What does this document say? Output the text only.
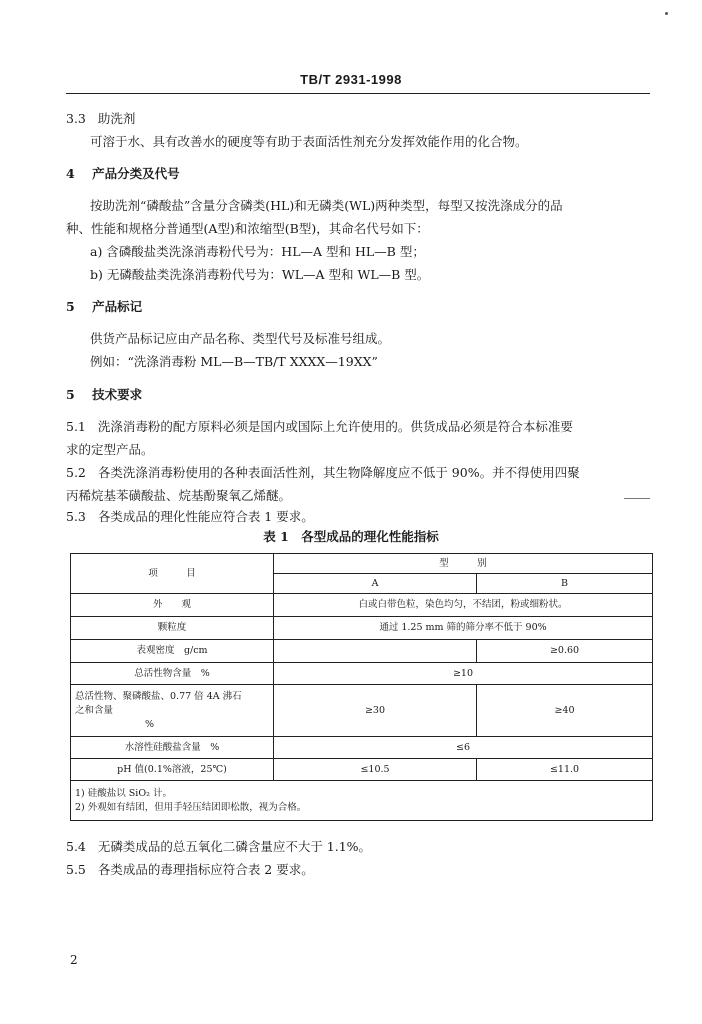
TB/T 2931-1998
3.3 助洗剂
可溶于水、具有改善水的硬度等有助于表面活性剂充分发挥效能作用的化合物。
4 产品分类及代号
按助洗剂“磷酸盐”含量分含磷类(HL)和无磷类(WL)两种类型，每型又按洗涤成分的品
种、性能和规格分普通型(A型)和浓缩型(B型)，其命名代号如下：
a) 含磷酸盐类洗涤消毒粉代号为：HL—A 型和 HL—B 型；
b) 无磷酸盐类洗涤消毒粉代号为：WL—A 型和 WL—B 型。
5 产品标记
供货产品标记应由产品名称、类型代号及标准号组成。
例如：“洗涤消毒粉 ML—B—TB/T XXXX—19XX”
5 技术要求
5.1 洗涤消毒粉的配方原料必须是国内或国际上允许使用的。供货成品必须是符合本标准要
求的定型产品。
5.2 各类洗涤消毒粉使用的各种表面活性剂，其生物降解度应不低于 90%。并不得使用四聚
丙稀烷基苯磺酸盐、烷基酚聚氧乙烯醚。
5.3 各类成品的理化性能应符合表 1 要求。
表 1　各型成品的理化性能指标
项　　　目	型　　　别	
	A	B
外　　观	白或白带色粒，染色均匀，不结团，粉或细粉状。	
颗粒度	通过 1.25 mm 筛的筛分率不低于 90%	
表观密度　g/cm		≥0.60
总活性物含量　%	≥10	

总活性物、聚磷酸盐、0.77 倍 4A 沸石
之和含量
%	≥30	≥40
水溶性硅酸盐含量　%	≤6	
pH 值(0.1%溶液，25℃)	≤10.5	≤11.0

1) 硅酸盐以 SiO₂ 计。
2) 外观如有结团，但用手轻压结团即松散，视为合格。		
5.4 无磷类成品的总五氧化二磷含量应不大于 1.1%。
5.5 各类成品的毒理指标应符合表 2 要求。
2
